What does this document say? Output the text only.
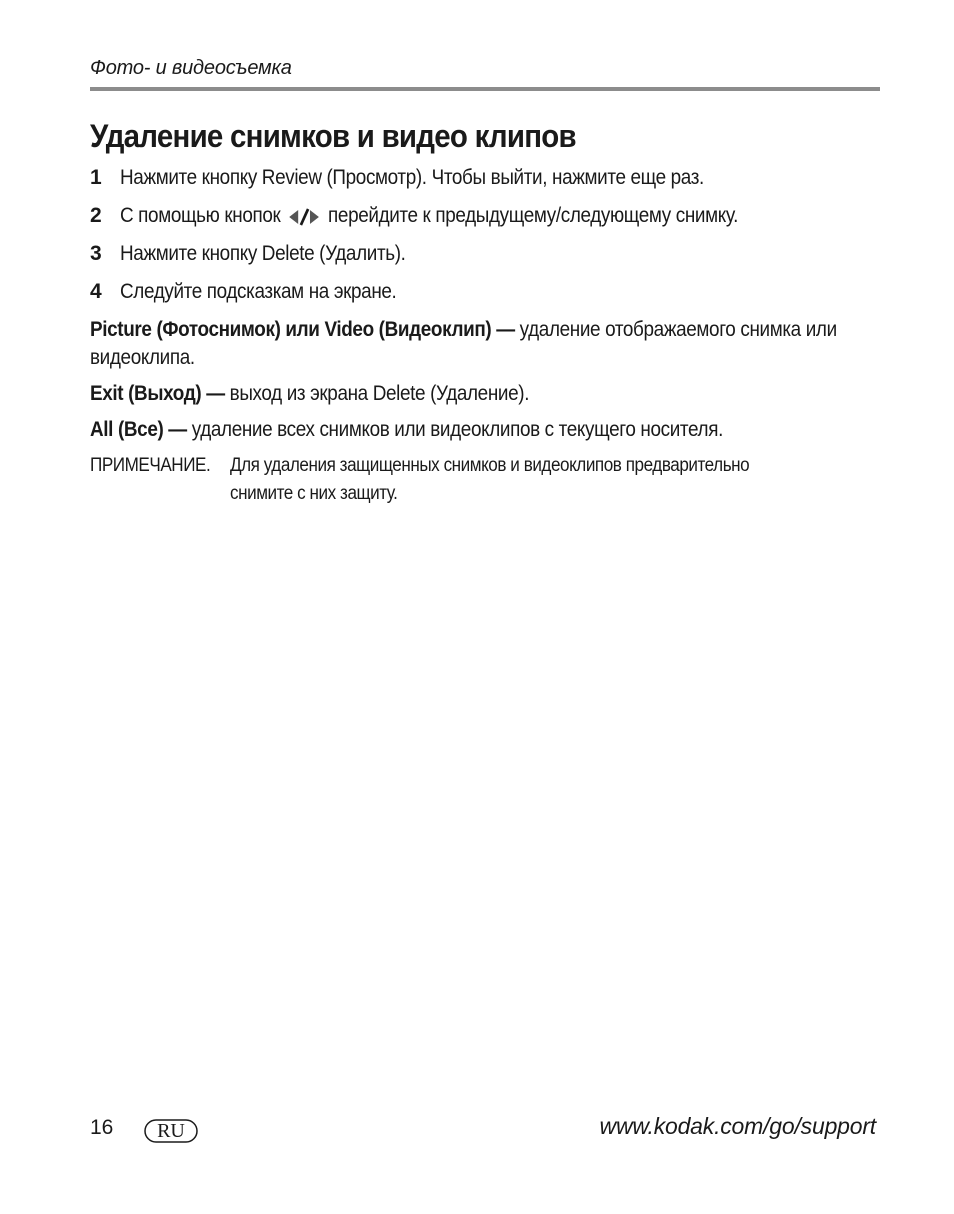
Фото- и видеосъемка
Удаление снимков и видео клипов
1 Нажмите кнопку Review (Просмотр). Чтобы выйти, нажмите еще раз.
2 С помощью кнопок перейдите к предыдущему/следующему снимку.
3 Нажмите кнопку Delete (Удалить).
4 Следуйте подсказкам на экране.
Picture (Фотоснимок) или Video (Видеоклип) — удаление отображаемого снимка или видеоклипа.
Exit (Выход) — выход из экрана Delete (Удаление).
All (Все) — удаление всех снимков или видеоклипов с текущего носителя.
ПРИМЕЧАНИЕ. Для удаления защищенных снимков и видеоклипов предварительно снимите с них защиту.
16	RU	www.kodak.com/go/support
